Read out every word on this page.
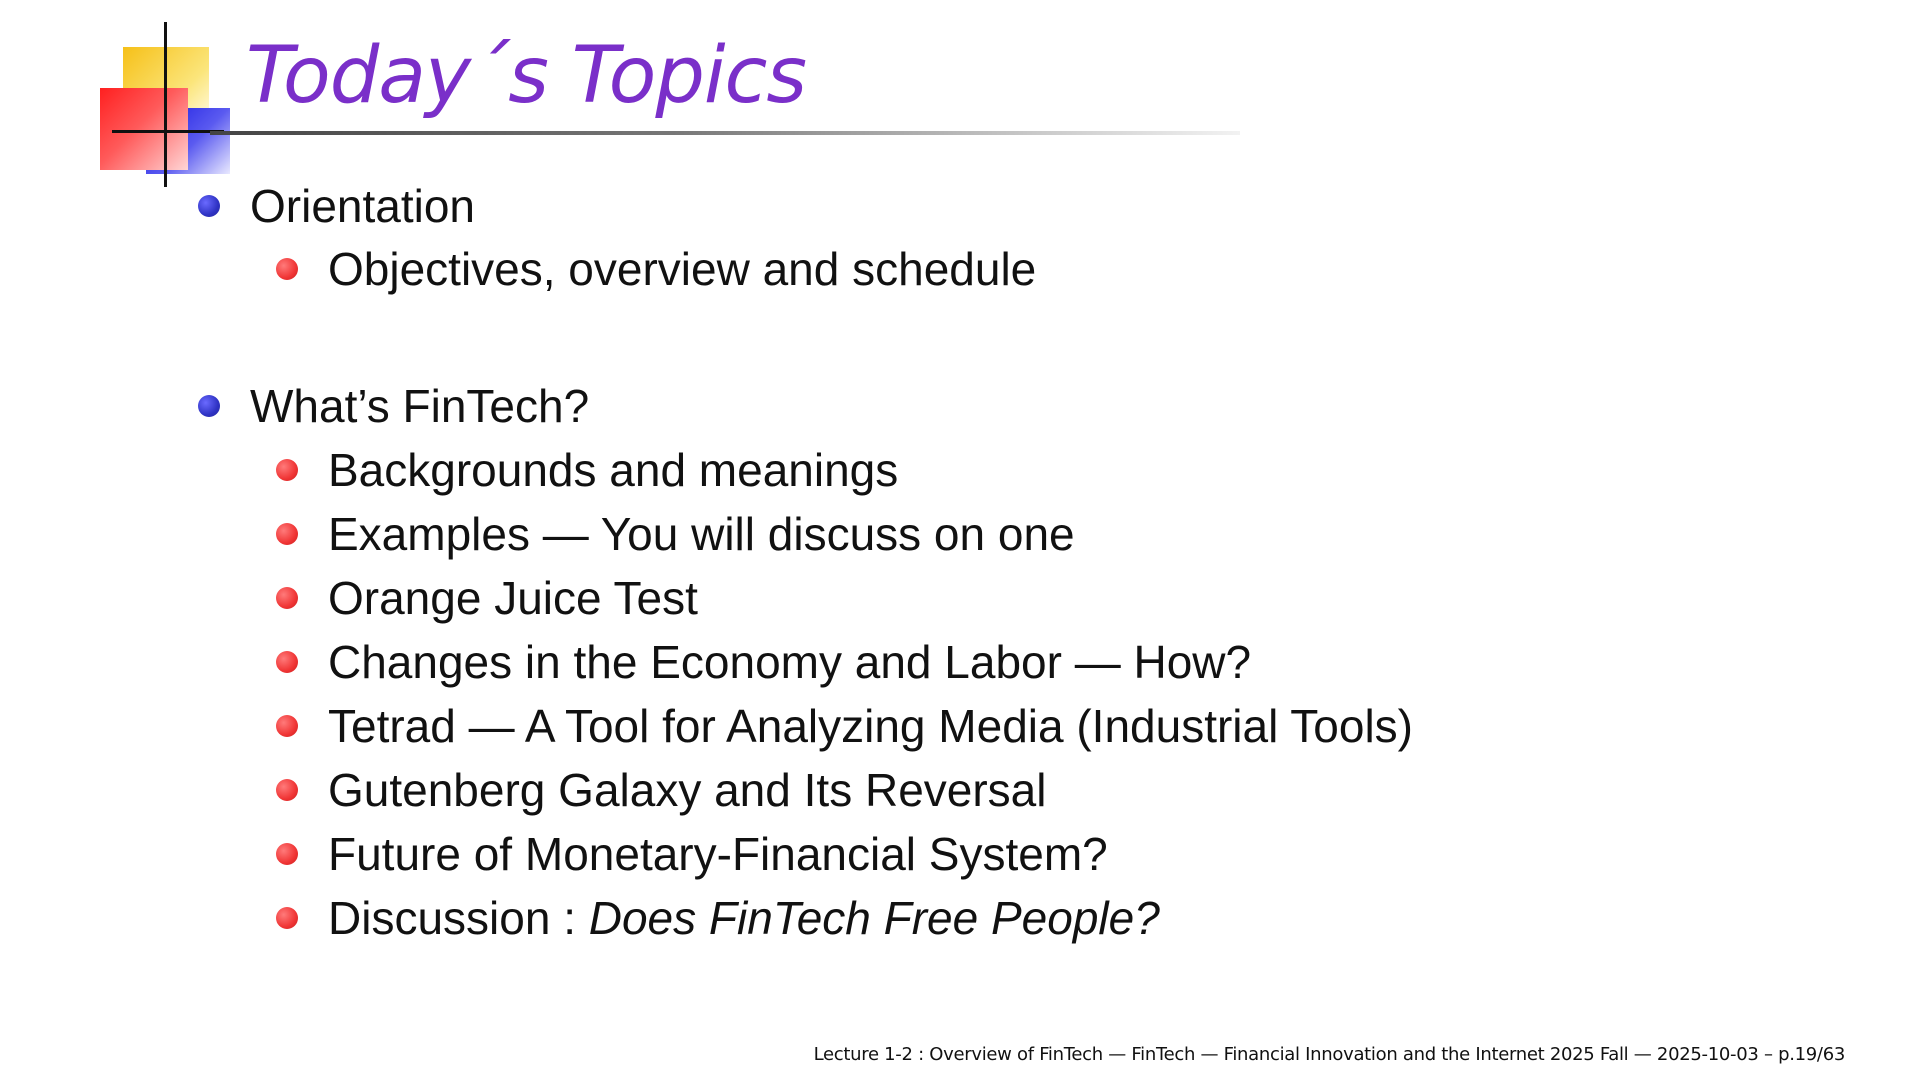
Today´s Topics
Orientation
Objectives, overview and schedule
What’s FinTech?
Backgrounds and meanings
Examples — You will discuss on one
Orange Juice Test
Changes in the Economy and Labor — How?
Tetrad — A Tool for Analyzing Media (Industrial Tools)
Gutenberg Galaxy and Its Reversal
Future of Monetary-Financial System?
Discussion : Does FinTech Free People?
Lecture 1-2 : Overview of FinTech — FinTech — Financial Innovation and the Internet 2025 Fall — 2025-10-03 – p.19/63
